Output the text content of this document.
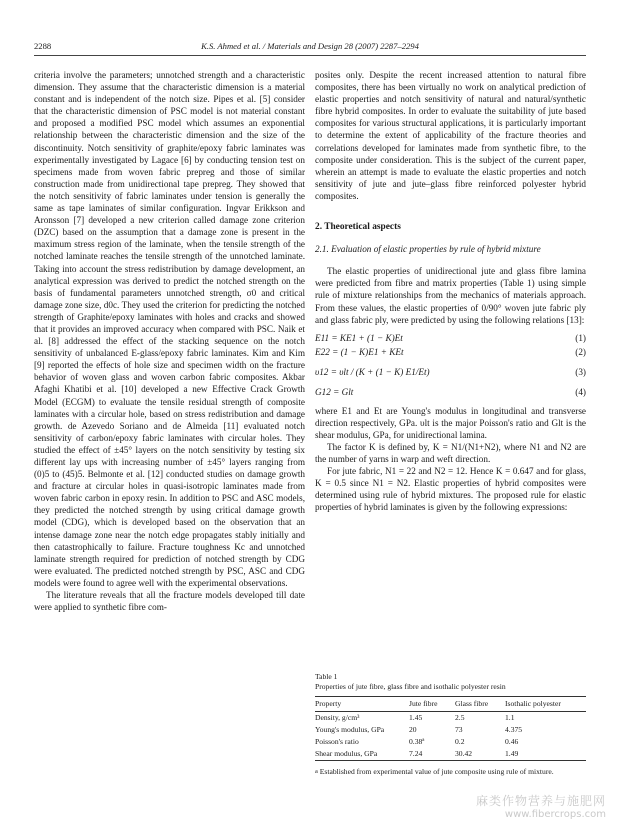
2288	K.S. Ahmed et al. / Materials and Design 28 (2007) 2287–2294

criteria involve the parameters; unnotched strength and a characteristic dimension. They assume that the characteristic dimension is a material constant and is independent of the notch size. Pipes et al. [5] consider that the characteristic dimension of PSC model is not material constant and proposed a modified PSC model which assumes an exponential relationship between the characteristic dimension and the size of the discontinuity. Notch sensitivity of graphite/epoxy fabric laminates was experimentally investigated by Lagace [6] by conducting tension test on specimens made from woven fabric prepreg and those of similar construction made from unidirectional tape prepreg. They showed that the notch sensitivity of fabric laminates under tension is generally the same as tape laminates of similar configuration. Ingvar Erikkson and Aronsson [7] developed a new criterion called damage zone criterion (DZC) based on the assumption that a damage zone is present in the maximum stress region of the laminate, when the tensile strength of the notched laminate reaches the tensile strength of the unnotched laminate. Taking into account the stress redistribution by damage development, an analytical expression was derived to predict the notched strength on the basis of fundamental parameters unnotched strength, σ0 and critical damage zone size, d0c. They used the criterion for predicting the notched strength of Graphite/epoxy laminates with holes and cracks and showed that it provides an improved accuracy when compared with PSC. Naik et al. [8] addressed the effect of the stacking sequence on the notch sensitivity of unbalanced E-glass/epoxy fabric laminates. Kim and Kim [9] reported the effects of hole size and specimen width on the fracture behavior of woven glass and woven carbon fabric composites. Akbar Afaghi Khatibi et al. [10] developed a new Effective Crack Growth Model (ECGM) to evaluate the tensile residual strength of composite laminates with a circular hole, based on stress redistribution and damage growth. de Azevedo Soriano and de Almeida [11] evaluated notch sensitivity of carbon/epoxy fabric laminates with circular holes. They studied the effect of ±45° layers on the notch sensitivity by testing six different lay ups with increasing number of ±45° layers ranging from (0)5 to (45)5. Belmonte et al. [12] conducted studies on damage growth and fracture at circular holes in quasi-isotropic laminates made from woven fabric carbon in epoxy resin. In addition to PSC and ASC models, they predicted the notched strength by using critical damage growth model (CDG), which is developed based on the observation that an intense damage zone near the notch edge propagates stably initially and then catastrophically to failure. Fracture toughness Kc and unnotched laminate strength required for prediction of notched strength by CDG were evaluated. The predicted notched strength by PSC, ASC and CDG models were found to agree well with the experimental observations.

The literature reveals that all the fracture models developed till date were applied to synthetic fibre com-

posites only. Despite the recent increased attention to natural fibre composites, there has been virtually no work on analytical prediction of elastic properties and notch sensitivity of natural and natural/synthetic fibre hybrid composites. In order to evaluate the suitability of jute based composites for various structural applications, it is particularly important to determine the extent of applicability of the fracture theories and correlations developed for laminates made from synthetic fibre, to the composite under consideration. This is the subject of the current paper, wherein an attempt is made to evaluate the elastic properties and notch sensitivity of jute and jute–glass fibre reinforced polyester hybrid composites.

2. Theoretical aspects

2.1. Evaluation of elastic properties by rule of hybrid mixture

The elastic properties of unidirectional jute and glass fibre lamina were predicted from fibre and matrix properties (Table 1) using simple rule of mixture relationships from the mechanics of materials approach. From these values, the elastic properties of 0/90° woven jute fabric ply and glass fabric ply, were predicted by using the following relations [13]:

E11 = KE1 + (1 − K)Et	(1)
E22 = (1 − K)E1 + KEt	(2)
υ12 = υlt / (K + (1 − K) E1/Et)	(3)
G12 = Glt	(4)

where E1 and Et are Young's modulus in longitudinal and transverse direction respectively, GPa. υlt is the major Poisson's ratio and Glt is the shear modulus, GPa, for unidirectional lamina.

The factor K is defined by, K = N1/(N1+N2), where N1 and N2 are the number of yarns in warp and weft direction.

For jute fabric, N1 = 22 and N2 = 12. Hence K = 0.647 and for glass, K = 0.5 since N1 = N2. Elastic properties of hybrid composites were determined using rule of hybrid mixtures. The proposed rule for elastic properties of hybrid laminates is given by the following expressions:

Table 1

Properties of jute fibre, glass fibre and isothalic polyester resin

Property	Jute fibre	Glass fibre	Isothalic polyester
Density, g/cm³	1.45	2.5	1.1
Young's modulus, GPa	20	73	4.375
Poisson's ratio	0.38ª	0.2	0.46
Shear modulus, GPa	7.24	30.42	1.49
$^a$ Established from experimental value of jute composite using rule of mixture.
麻类作物营养与施肥网
www.fibercrops.com
